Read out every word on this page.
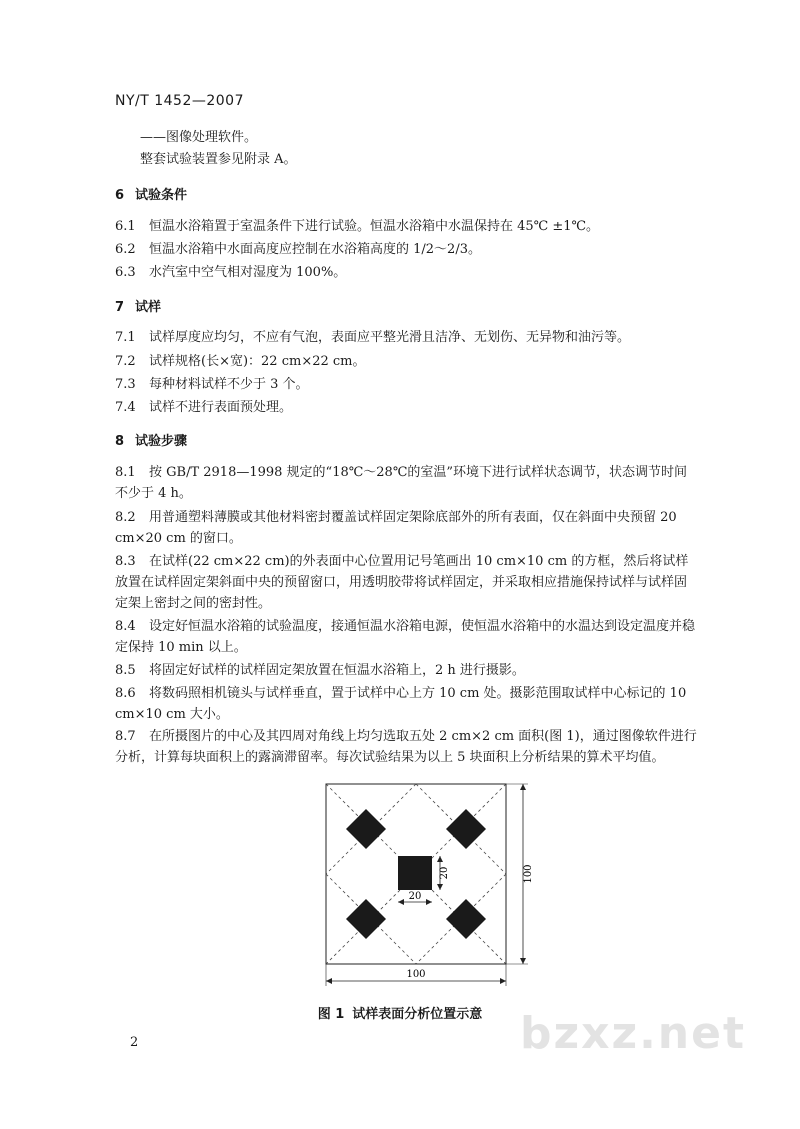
NY/T 1452—2007
——图像处理软件。
整套试验装置参见附录 A。
6 试验条件
6.1 恒温水浴箱置于室温条件下进行试验。恒温水浴箱中水温保持在 45℃ ±1℃。
6.2 恒温水浴箱中水面高度应控制在水浴箱高度的 1/2～2/3。
6.3 水汽室中空气相对湿度为 100%。
7 试样
7.1 试样厚度应均匀，不应有气泡，表面应平整光滑且洁净、无划伤、无异物和油污等。
7.2 试样规格(长×宽)：22 cm×22 cm。
7.3 每种材料试样不少于 3 个。
7.4 试样不进行表面预处理。
8 试验步骤
8.1 按 GB/T 2918—1998 规定的“18℃～28℃的室温”环境下进行试样状态调节，状态调节时间不少于 4 h。
8.2 用普通塑料薄膜或其他材料密封覆盖试样固定架除底部外的所有表面，仅在斜面中央预留 20 cm×20 cm 的窗口。
8.3 在试样(22 cm×22 cm)的外表面中心位置用记号笔画出 10 cm×10 cm 的方框，然后将试样放置在试样固定架斜面中央的预留窗口，用透明胶带将试样固定，并采取相应措施保持试样与试样固定架上密封之间的密封性。
8.4 设定好恒温水浴箱的试验温度，接通恒温水浴箱电源，使恒温水浴箱中的水温达到设定温度并稳定保持 10 min 以上。
8.5 将固定好试样的试样固定架放置在恒温水浴箱上，2 h 进行摄影。
8.6 将数码照相机镜头与试样垂直，置于试样中心上方 10 cm 处。摄影范围取试样中心标记的 10 cm×10 cm 大小。
8.7 在所摄图片的中心及其四周对角线上均匀选取五处 2 cm×2 cm 面积(图 1)，通过图像软件进行分析，计算每块面积上的露滴滞留率。每次试验结果为以上 5 块面积上分析结果的算术平均值。
20
20
100
100
图 1 试样表面分析位置示意
2	bzxz.net
